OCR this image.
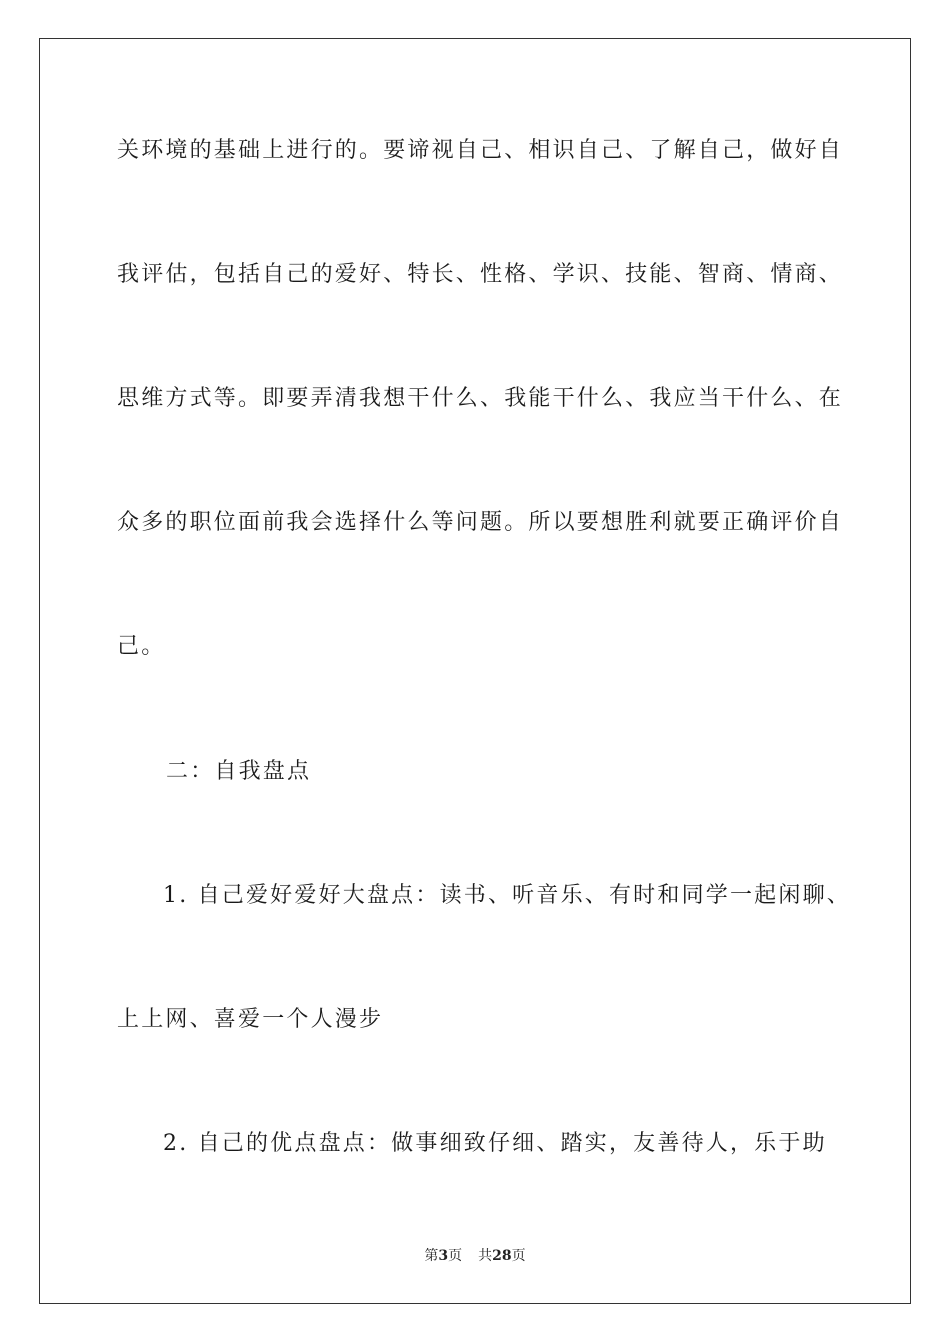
关环境的基础上进行的。要谛视自己、相识自己、了解自己，做好自
我评估，包括自己的爱好、特长、性格、学识、技能、智商、情商、
思维方式等。即要弄清我想干什么、我能干什么、我应当干什么、在
众多的职位面前我会选择什么等问题。所以要想胜利就要正确评价自
己。
二：自我盘点
1. 自己爱好爱好大盘点：读书、听音乐、有时和同学一起闲聊、
上上网、喜爱一个人漫步
2. 自己的优点盘点：做事细致仔细、踏实，友善待人，乐于助
第3页 共28页
